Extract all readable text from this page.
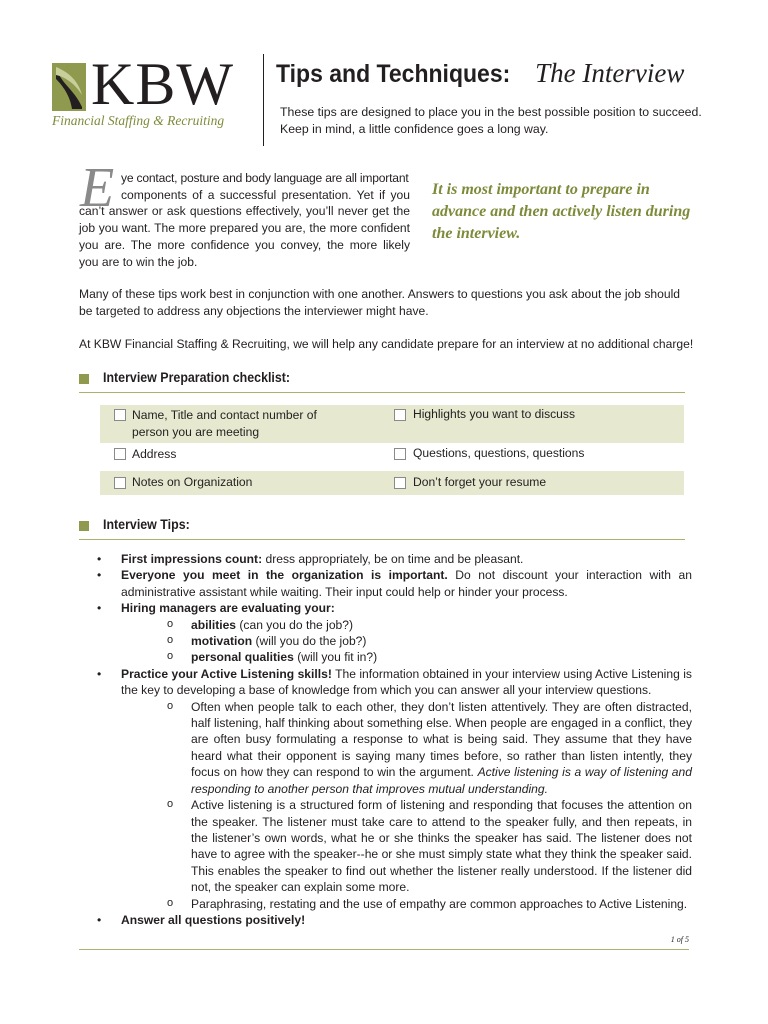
KBW
Financial Staffing & Recruiting
Tips and Techniques: The Interview
These tips are designed to place you in the best possible position to succeed. Keep in mind, a little confidence goes a long way.
E ye contact, posture and body language are all important

components of a successful presentation. Yet if you can’t answer or ask questions effectively, you’ll never get the job you want. The more prepared you are, the more confident you are. The more confidence you convey, the more likely you are to win the job.

It is most important to prepare in advance and then actively listen during the interview.
Many of these tips work best in conjunction with one another. Answers to questions you ask about the job should be targeted to address any objections the interviewer might have.
At KBW Financial Staffing & Recruiting, we will help any candidate prepare for an interview at no additional charge!
Interview Preparation checklist:
Name, Title and contact number of person you are meeting
Highlights you want to discuss
Address	Questions, questions, questions
Notes on Organization	Don’t forget your resume
Interview Tips:
• First impressions count: dress appropriately, be on time and be pleasant.
• Everyone you meet in the organization is important. Do not discount your interaction with an administrative assistant while waiting. Their input could help or hinder your process.
• Hiring managers are evaluating your:
o abilities (can you do the job?)
o motivation (will you do the job?)
o personal qualities (will you fit in?)
• Practice your Active Listening skills! The information obtained in your interview using Active Listening is the key to developing a base of knowledge from which you can answer all your interview questions.
o Often when people talk to each other, they don’t listen attentively. They are often distracted, half listening, half thinking about something else. When people are engaged in a conflict, they are often busy formulating a response to what is being said. They assume that they have heard what their opponent is saying many times before, so rather than listen intently, they focus on how they can respond to win the argument. Active listening is a way of listening and responding to another person that improves mutual understanding.
o Active listening is a structured form of listening and responding that focuses the attention on the speaker. The listener must take care to attend to the speaker fully, and then repeats, in the listener’s own words, what he or she thinks the speaker has said. The listener does not have to agree with the speaker--he or she must simply state what they think the speaker said. This enables the speaker to find out whether the listener really understood. If the listener did not, the speaker can explain some more.
o Paraphrasing, restating and the use of empathy are common approaches to Active Listening.
• Answer all questions positively!
1 of 5
